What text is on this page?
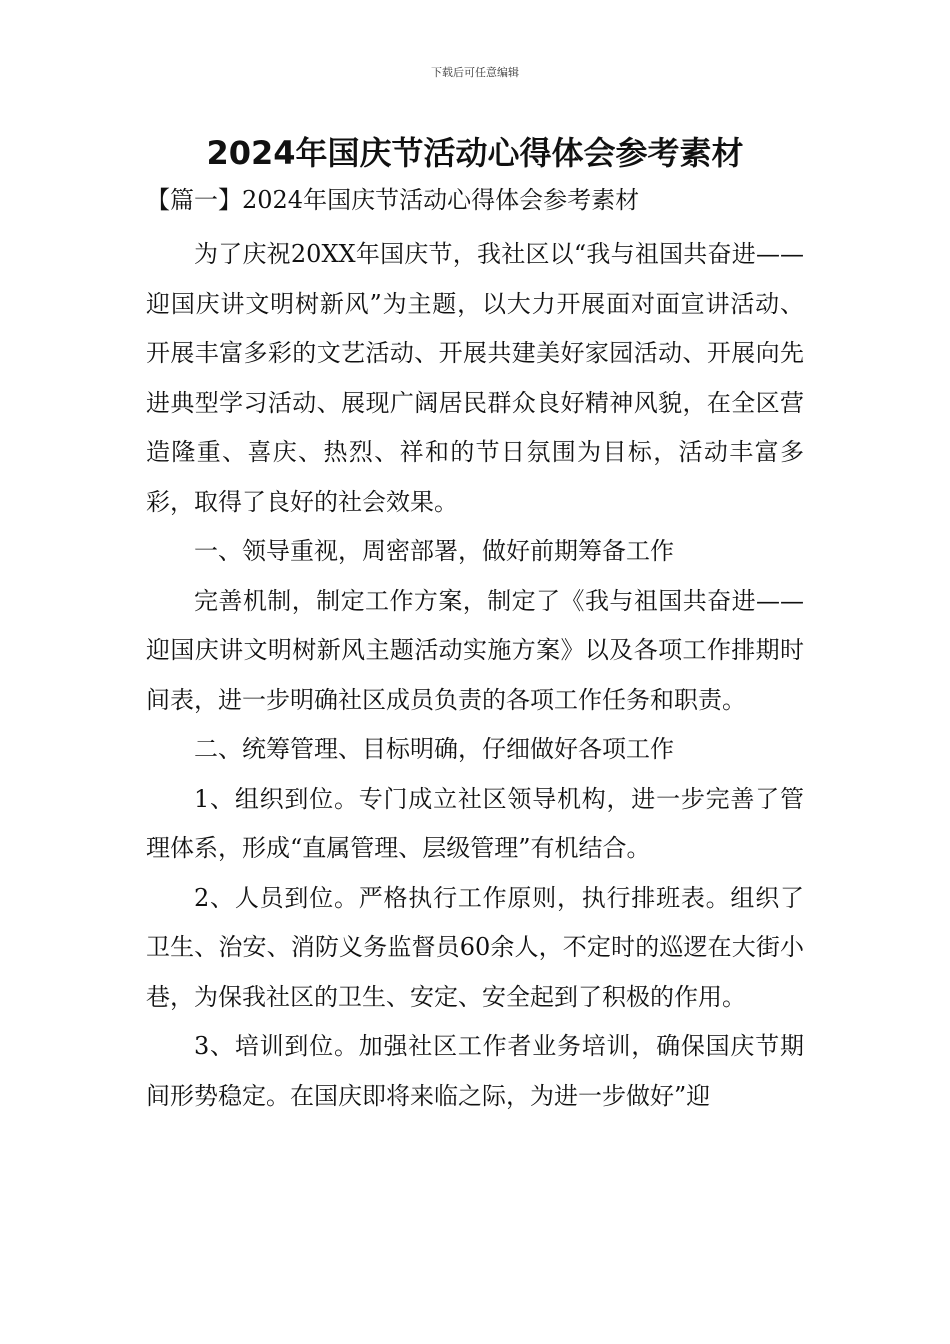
下载后可任意编辑
2024年国庆节活动心得体会参考素材
【篇一】2024年国庆节活动心得体会参考素材

为了庆祝20XX年国庆节，我社区以“我与祖国共奋进——迎国庆讲文明树新风”为主题，以大力开展面对面宣讲活动、开展丰富多彩的文艺活动、开展共建美好家园活动、开展向先进典型学习活动、展现广阔居民群众良好精神风貌，在全区营造隆重、喜庆、热烈、祥和的节日氛围为目标，活动丰富多彩，取得了良好的社会效果。

一、领导重视，周密部署，做好前期筹备工作

完善机制，制定工作方案，制定了《我与祖国共奋进——迎国庆讲文明树新风主题活动实施方案》以及各项工作排期时间表，进一步明确社区成员负责的各项工作任务和职责。

二、统筹管理、目标明确，仔细做好各项工作

1、组织到位。专门成立社区领导机构，进一步完善了管理体系，形成“直属管理、层级管理”有机结合。

2、人员到位。严格执行工作原则，执行排班表。组织了卫生、治安、消防义务监督员60余人，不定时的巡逻在大街小巷，为保我社区的卫生、安定、安全起到了积极的作用。

3、培训到位。加强社区工作者业务培训，确保国庆节期间形势稳定。在国庆即将来临之际，为进一步做好”迎
